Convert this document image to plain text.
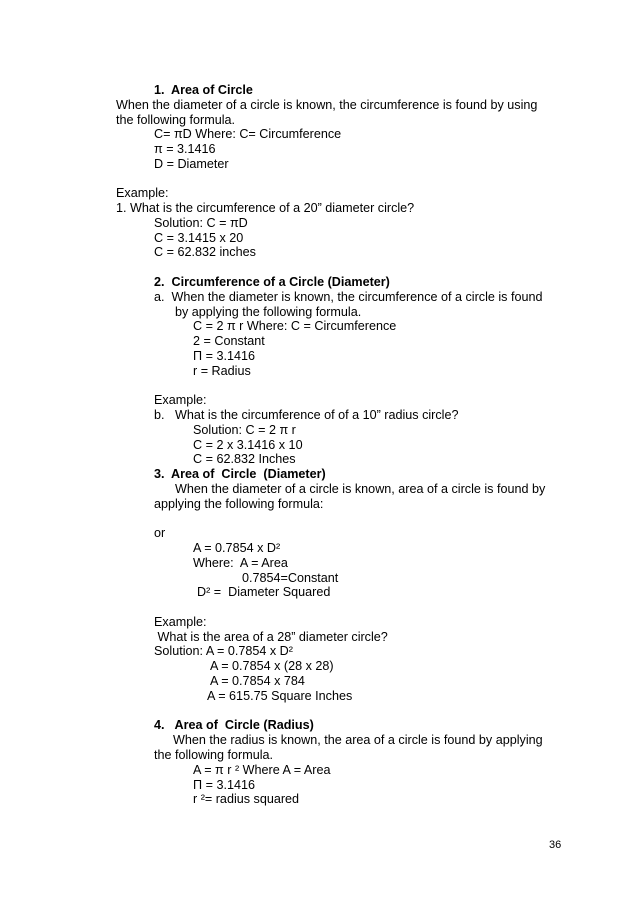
1.  Area of Circle

When the diameter of a circle is known, the circumference is found by using

the following formula.

C= πD Where: C= Circumference

π = 3.1416

D = Diameter

Example:

1. What is the circumference of a 20” diameter circle?

Solution: C = πD

C = 3.1415 x 20

C = 62.832 inches

2.  Circumference of a Circle (Diameter)

a.  When the diameter is known, the circumference of a circle is found

by applying the following formula.

C = 2 π r Where: C = Circumference

2 = Constant

Π = 3.1416

r = Radius

Example:

b.   What is the circumference of of a 10” radius circle?

Solution: C = 2 π r

C = 2 x 3.1416 x 10

C = 62.832 Inches

3.  Area of  Circle  (Diameter)

When the diameter of a circle is known, area of a circle is found by

applying the following formula:

or

A = 0.7854 x D²

Where:  A = Area

0.7854=Constant

D² =  Diameter Squared

Example:

What is the area of a 28” diameter circle?

Solution: A = 0.7854 x D²

A = 0.7854 x (28 x 28)

A = 0.7854 x 784

A = 615.75 Square Inches

4.   Area of  Circle (Radius)

When the radius is known, the area of a circle is found by applying

the following formula.

A = π r ² Where A = Area

Π = 3.1416

r ²= radius squared

36
